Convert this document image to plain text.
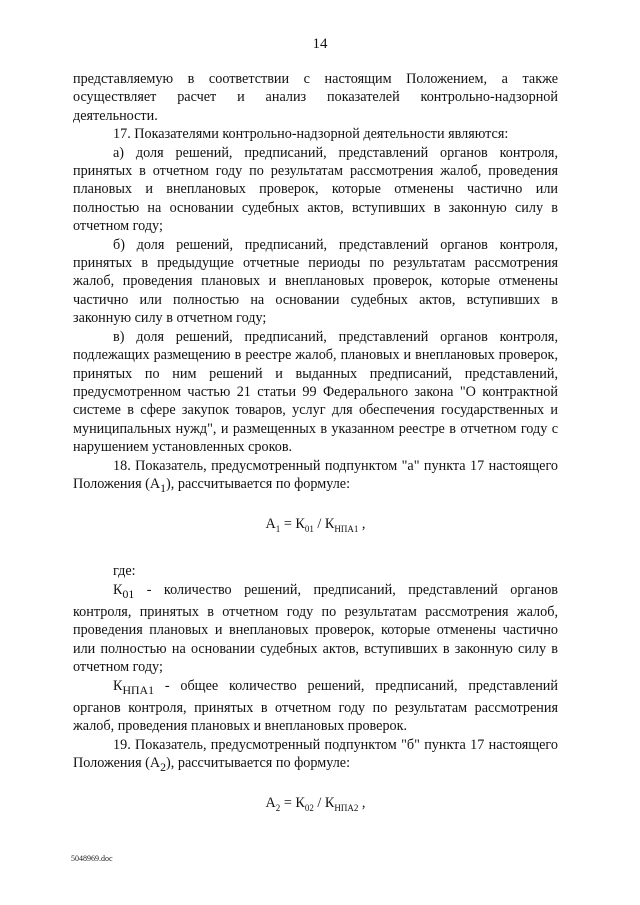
14

представляемую в соответствии с настоящим Положением, а также осуществляет расчет и анализ показателей контрольно-надзорной деятельности.

17. Показателями контрольно-надзорной деятельности являются:

а) доля решений, предписаний, представлений органов контроля, принятых в отчетном году по результатам рассмотрения жалоб, проведения плановых и внеплановых проверок, которые отменены частично или полностью на основании судебных актов, вступивших в законную силу в отчетном году;

б) доля решений, предписаний, представлений органов контроля, принятых в предыдущие отчетные периоды по результатам рассмотрения жалоб, проведения плановых и внеплановых проверок, которые отменены частично или полностью на основании судебных актов, вступивших в законную силу в отчетном году;

в) доля решений, предписаний, представлений органов контроля, подлежащих размещению в реестре жалоб, плановых и внеплановых проверок, принятых по ним решений и выданных предписаний, представлений, предусмотренном частью 21 статьи 99 Федерального закона "О контрактной системе в сфере закупок товаров, услуг для обеспечения государственных и муниципальных нужд", и размещенных в указанном реестре в отчетном году с нарушением установленных сроков.

18. Показатель, предусмотренный подпунктом "а" пункта 17 настоящего Положения $(А_1)$, рассчитывается по формуле:

$А_1 = К_{01} / К_{НПА1}$ ,

где:

$К_{01}$ - количество решений, предписаний, представлений органов контроля, принятых в отчетном году по результатам рассмотрения жалоб, проведения плановых и внеплановых проверок, которые отменены частично или полностью на основании судебных актов, вступивших в законную силу в отчетном году;

$К_{НПА1}$ - общее количество решений, предписаний, представлений органов контроля, принятых в отчетном году по результатам рассмотрения жалоб, проведения плановых и внеплановых проверок.

19. Показатель, предусмотренный подпунктом "б" пункта 17 настоящего Положения $(А_2)$, рассчитывается по формуле:

$А_2 = К_{02} / К_{НПА2}$ ,

5048969.doc
